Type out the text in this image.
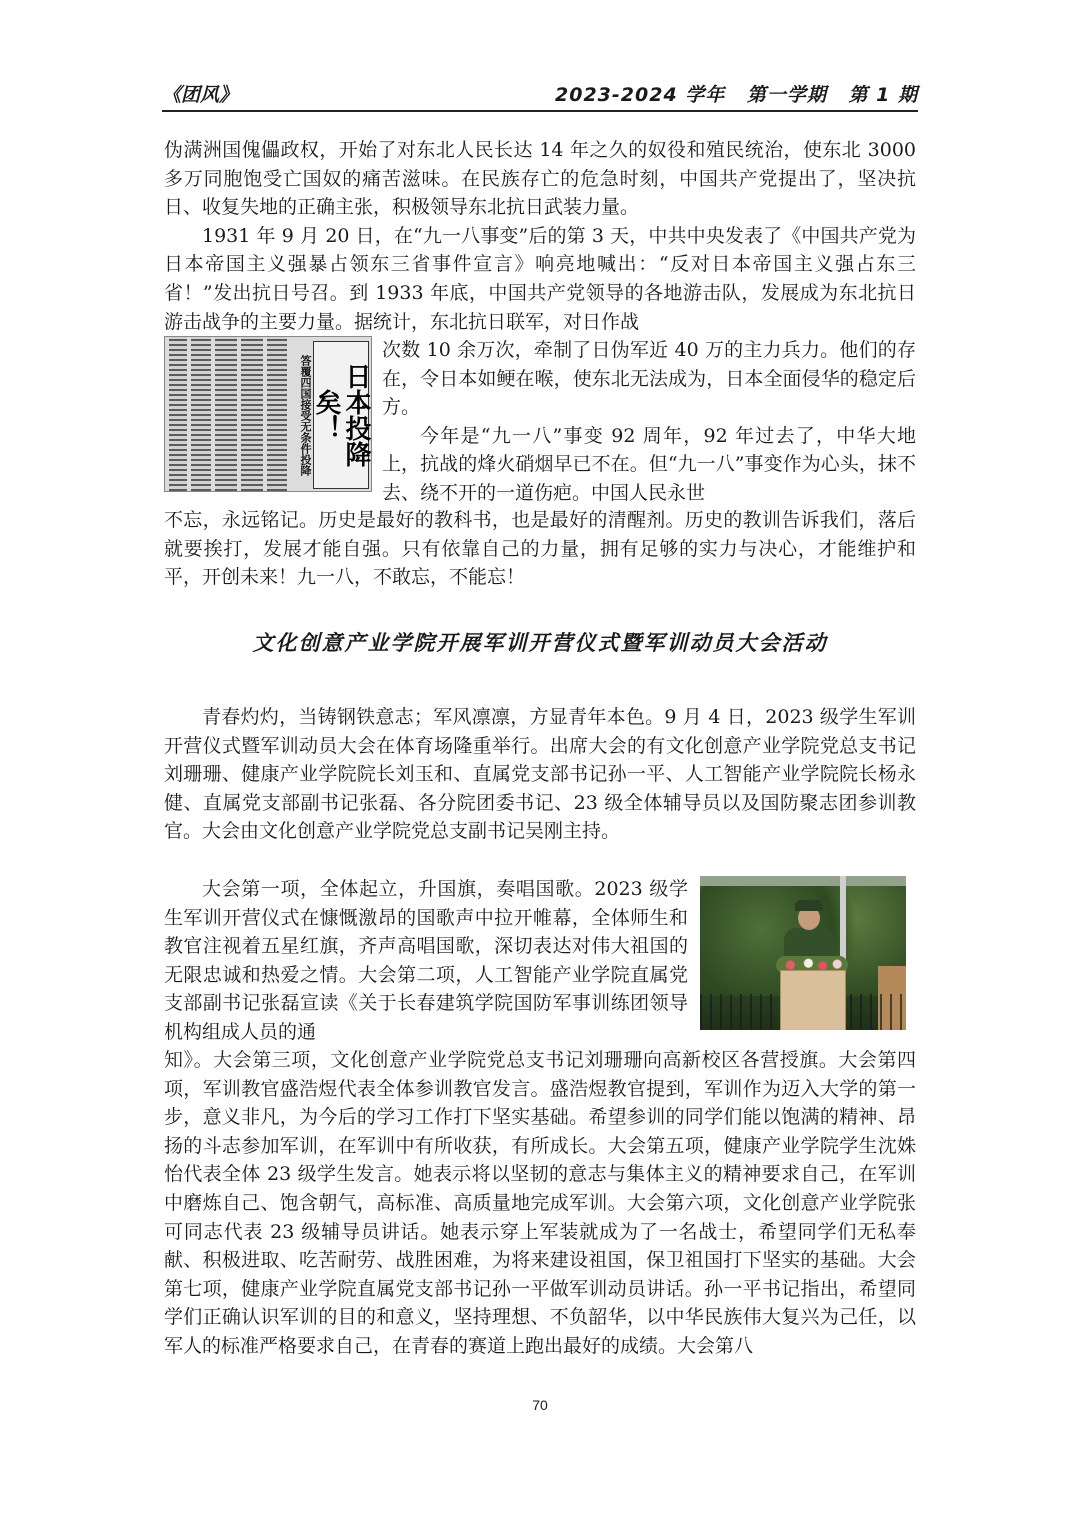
《团风》	2023-2024 学年 第一学期 第 1 期

伪满洲国傀儡政权，开始了对东北人民长达 14 年之久的奴役和殖民统治，使东北 3000 多万同胞饱受亡国奴的痛苦滋味。在民族存亡的危急时刻，中国共产党提出了，坚决抗日、收复失地的正确主张，积极领导东北抗日武装力量。

1931 年 9 月 20 日，在“九一八事变”后的第 3 天，中共中央发表了《中国共产党为日本帝国主义强暴占领东三省事件宣言》响亮地喊出：“反对日本帝国主义强占东三省！”发出抗日号召。到 1933 年底，中国共产党领导的各地游击队，发展成为东北抗日游击战争的主要力量。据统计，东北抗日联军，对日作战

答覆四国接受无条件投降	日本投降矣！

次数 10 余万次，牵制了日伪军近 40 万的主力兵力。他们的存在，令日本如鲠在喉，使东北无法成为，日本全面侵华的稳定后方。

今年是“九一八”事变 92 周年，92 年过去了，中华大地上，抗战的烽火硝烟早已不在。但“九一八”事变作为心头，抹不去、绕不开的一道伤疤。中国人民永世

不忘，永远铭记。历史是最好的教科书，也是最好的清醒剂。历史的教训告诉我们，落后就要挨打，发展才能自强。只有依靠自己的力量，拥有足够的实力与决心，才能维护和平，开创未来！九一八，不敢忘，不能忘！

文化创意产业学院开展军训开营仪式暨军训动员大会活动

青春灼灼，当铸钢铁意志；军风凛凛，方显青年本色。9 月 4 日，2023 级学生军训开营仪式暨军训动员大会在体育场隆重举行。出席大会的有文化创意产业学院党总支书记刘珊珊、健康产业学院院长刘玉和、直属党支部书记孙一平、人工智能产业学院院长杨永健、直属党支部副书记张磊、各分院团委书记、23 级全体辅导员以及国防聚志团参训教官。大会由文化创意产业学院党总支副书记吴刚主持。

大会第一项，全体起立，升国旗，奏唱国歌。2023 级学生军训开营仪式在慷慨激昂的国歌声中拉开帷幕，全体师生和教官注视着五星红旗，齐声高唱国歌，深切表达对伟大祖国的无限忠诚和热爱之情。大会第二项，人工智能产业学院直属党支部副书记张磊宣读《关于长春建筑学院国防军事训练团领导机构组成人员的通

知》。大会第三项，文化创意产业学院党总支书记刘珊珊向高新校区各营授旗。大会第四项，军训教官盛浩煜代表全体参训教官发言。盛浩煜教官提到，军训作为迈入大学的第一步，意义非凡，为今后的学习工作打下坚实基础。希望参训的同学们能以饱满的精神、昂扬的斗志参加军训，在军训中有所收获，有所成长。大会第五项，健康产业学院学生沈姝怡代表全体 23 级学生发言。她表示将以坚韧的意志与集体主义的精神要求自己，在军训中磨炼自己、饱含朝气，高标准、高质量地完成军训。大会第六项，文化创意产业学院张可同志代表 23 级辅导员讲话。她表示穿上军装就成为了一名战士，希望同学们无私奉献、积极进取、吃苦耐劳、战胜困难，为将来建设祖国，保卫祖国打下坚实的基础。大会第七项，健康产业学院直属党支部书记孙一平做军训动员讲话。孙一平书记指出，希望同学们正确认识军训的目的和意义，坚持理想、不负韶华，以中华民族伟大复兴为己任，以军人的标准严格要求自己，在青春的赛道上跑出最好的成绩。大会第八

70
